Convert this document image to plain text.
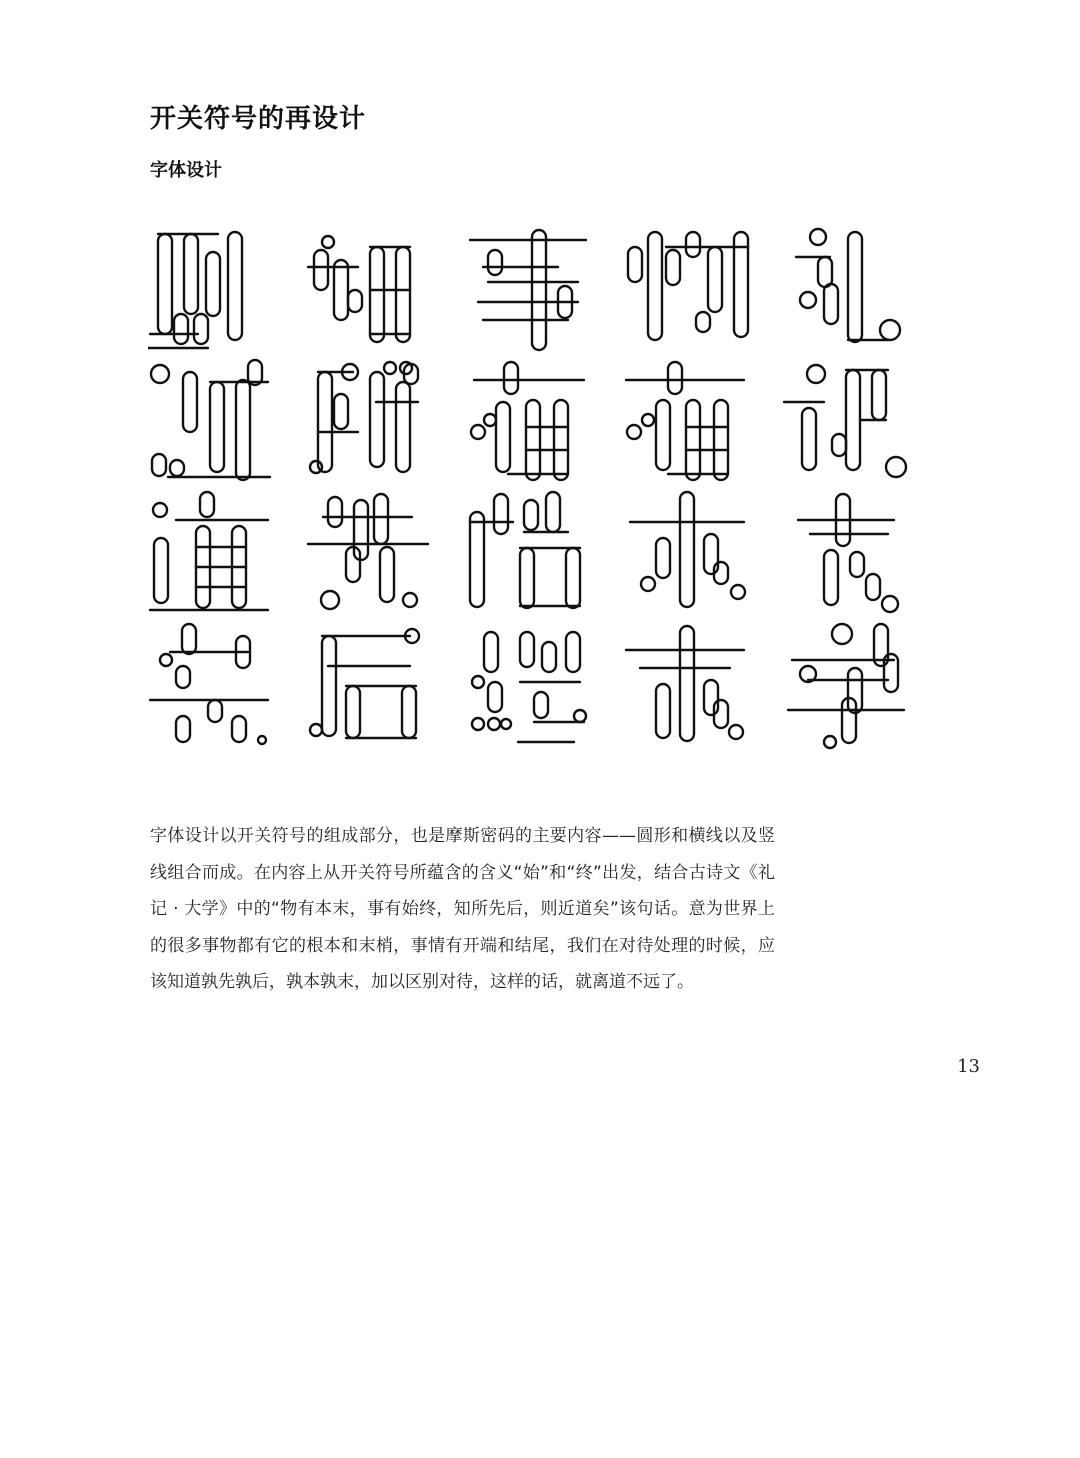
开关符号的再设计
字体设计
字体设计以开关符号的组成部分，也是摩斯密码的主要内容——圆形和横线以及竖线组合而成。在内容上从开关符号所蕴含的含义“始”和“终”出发，结合古诗文《礼记 · 大学》中的“物有本末，事有始终，知所先后，则近道矣”该句话。意为世界上的很多事物都有它的根本和末梢，事情有开端和结尾，我们在对待处理的时候，应该知道孰先孰后，孰本孰末，加以区别对待，这样的话，就离道不远了。
13
